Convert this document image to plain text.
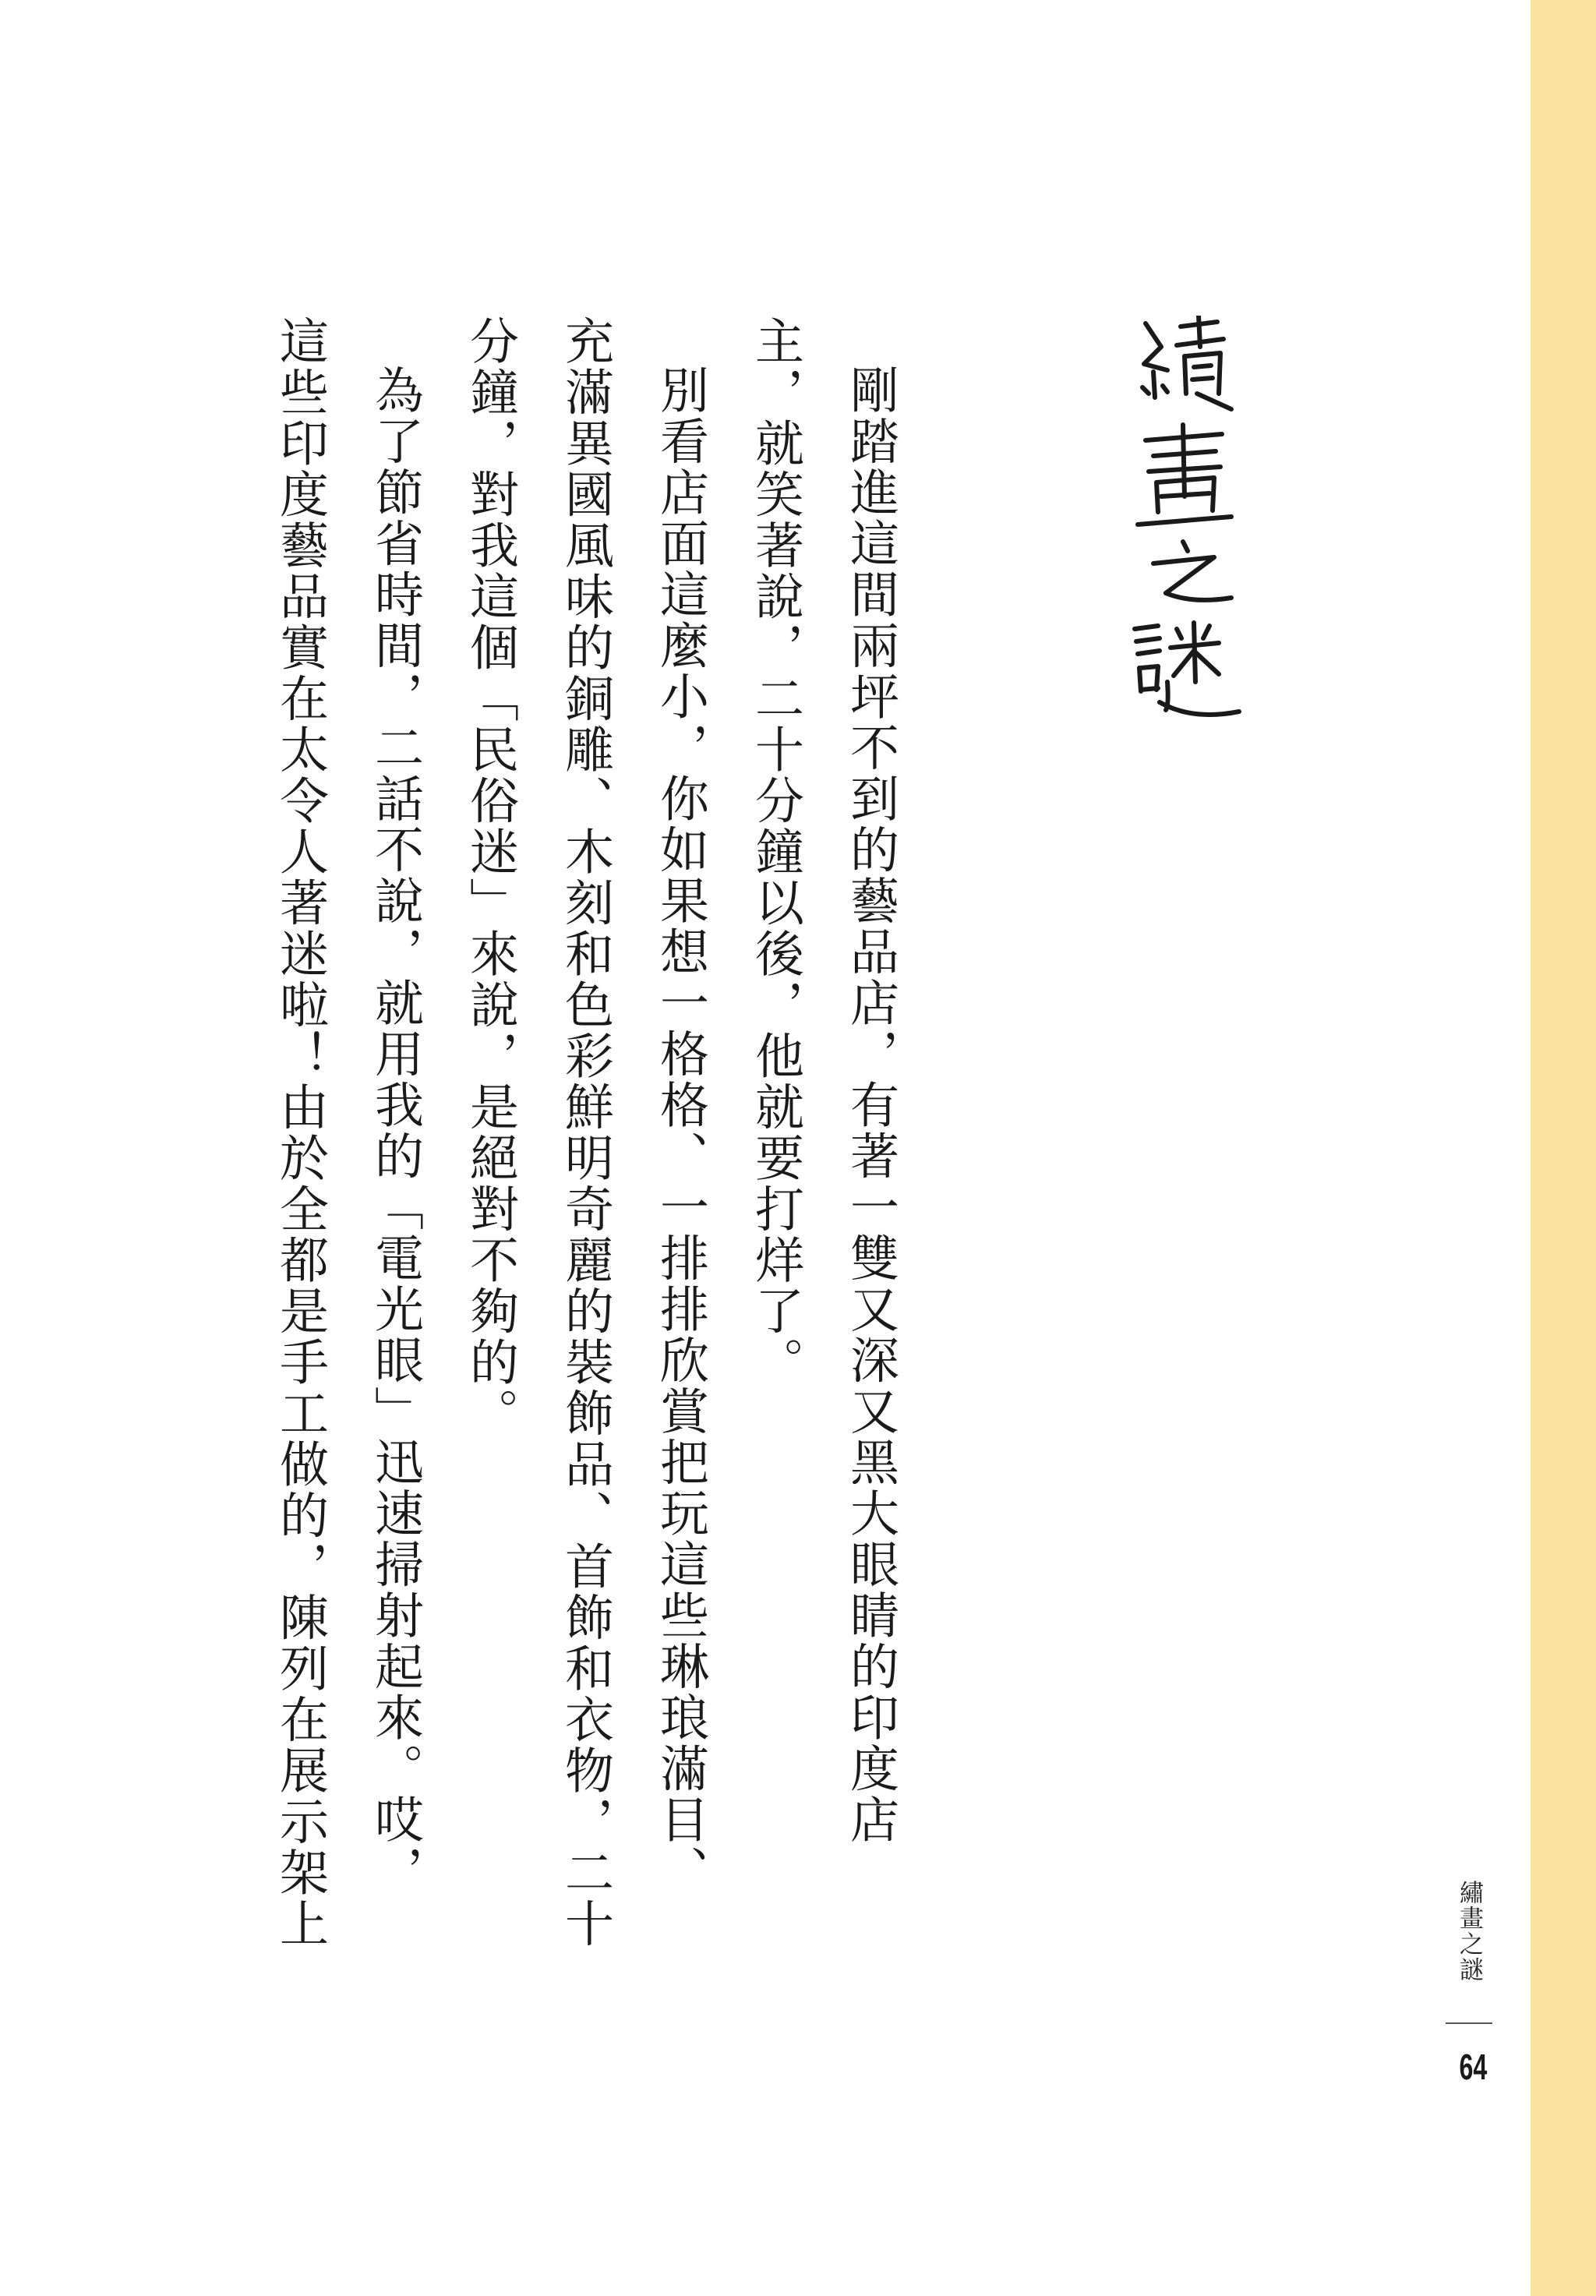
剛踏進這間兩坪不到的藝品店，有著一雙又深又黑大眼睛的印度店

主，就笑著說，二十分鐘以後，他就要打烊了。

別看店面這麼小，你如果想一格格、一排排欣賞把玩這些琳琅滿目、

充滿異國風味的銅雕、木刻和色彩鮮明奇麗的裝飾品、首飾和衣物，二十

分鐘，對我這個「民俗迷」來說，是絕對不夠的。

為了節省時間，二話不說，就用我的「電光眼」迅速掃射起來。哎，

這些印度藝品實在太令人著迷啦！由於全都是手工做的，陳列在展示架上	繡畫之謎
64
